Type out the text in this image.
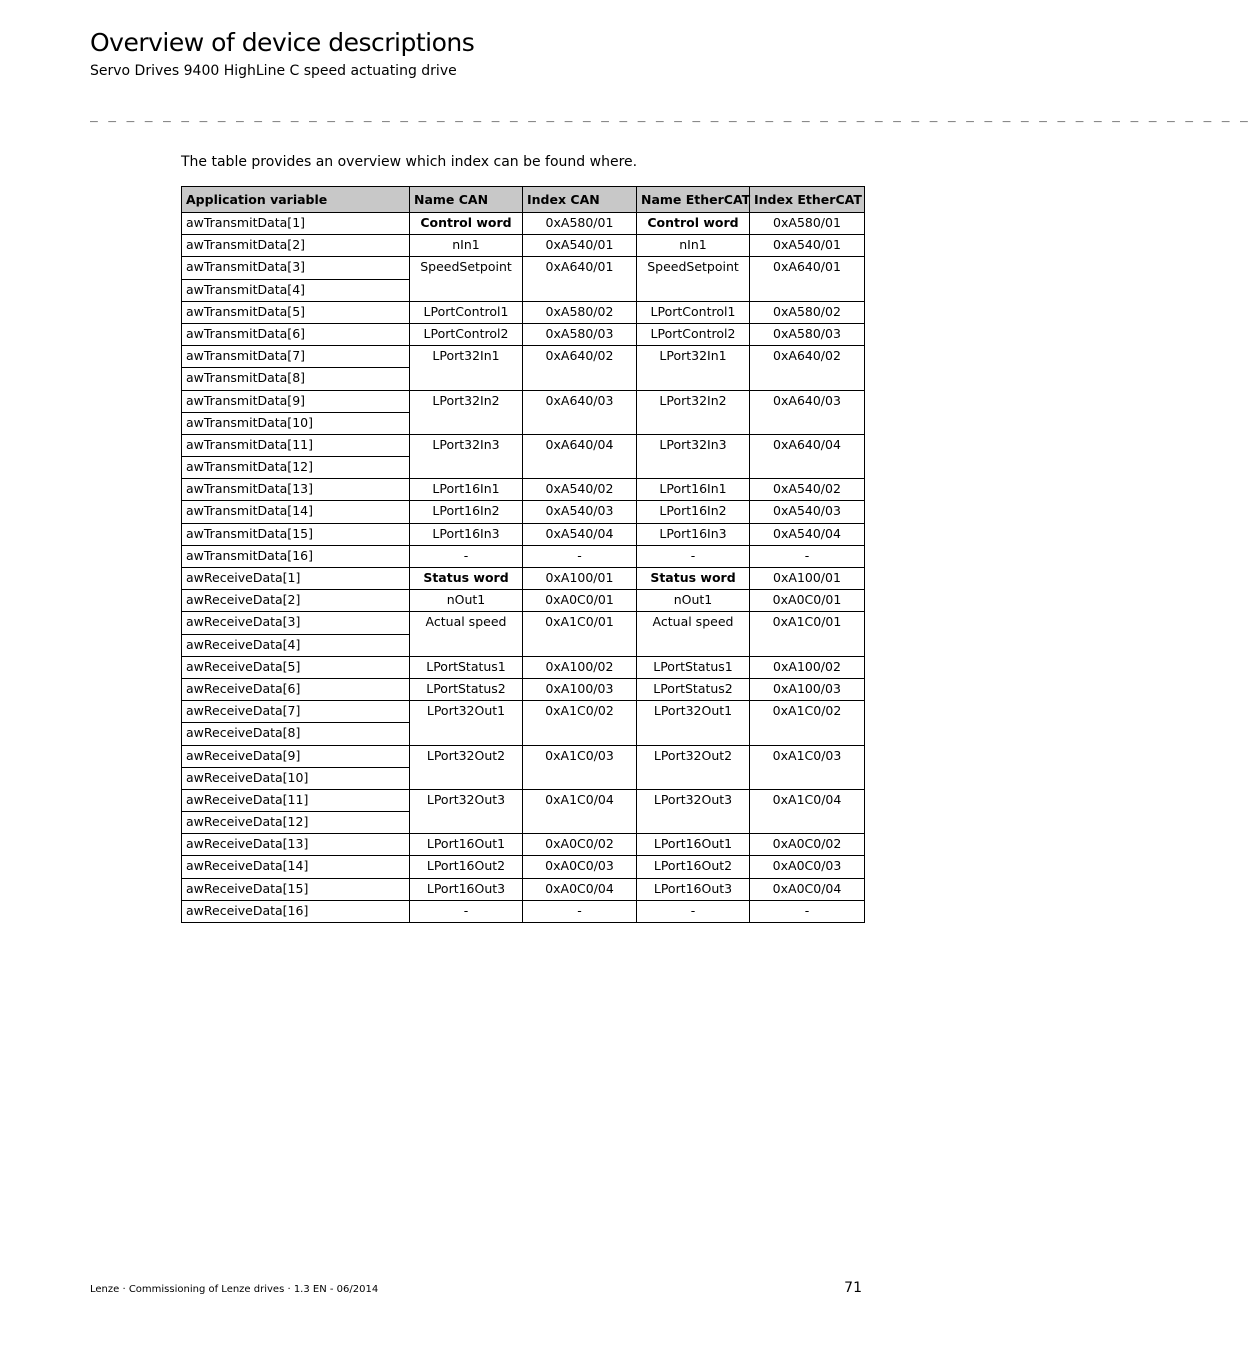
Overview of device descriptions
Servo Drives 9400 HighLine C speed actuating drive
_ _ _ _ _ _ _ _ _ _ _ _ _ _ _ _ _ _ _ _ _ _ _ _ _ _ _ _ _ _ _ _ _ _ _ _ _ _ _ _ _ _ _ _ _ _ _ _ _ _ _ _ _ _ _ _ _ _ _ _ _ _ _ _
The table provides an overview which index can be found where.
Application variable	Name CAN	Index CAN	Name EtherCAT	Index EtherCAT
awTransmitData[1]	Control word	0xA580/01	Control word	0xA580/01
awTransmitData[2]	nIn1	0xA540/01	nIn1	0xA540/01
awTransmitData[3]	SpeedSetpoint	0xA640/01	SpeedSetpoint	0xA640/01
awTransmitData[4]				
awTransmitData[5]	LPortControl1	0xA580/02	LPortControl1	0xA580/02
awTransmitData[6]	LPortControl2	0xA580/03	LPortControl2	0xA580/03
awTransmitData[7]	LPort32In1	0xA640/02	LPort32In1	0xA640/02
awTransmitData[8]				
awTransmitData[9]	LPort32In2	0xA640/03	LPort32In2	0xA640/03
awTransmitData[10]				
awTransmitData[11]	LPort32In3	0xA640/04	LPort32In3	0xA640/04
awTransmitData[12]				
awTransmitData[13]	LPort16In1	0xA540/02	LPort16In1	0xA540/02
awTransmitData[14]	LPort16In2	0xA540/03	LPort16In2	0xA540/03
awTransmitData[15]	LPort16In3	0xA540/04	LPort16In3	0xA540/04
awTransmitData[16]	-	-	-	-
awReceiveData[1]	Status word	0xA100/01	Status word	0xA100/01
awReceiveData[2]	nOut1	0xA0C0/01	nOut1	0xA0C0/01
awReceiveData[3]	Actual speed	0xA1C0/01	Actual speed	0xA1C0/01
awReceiveData[4]				
awReceiveData[5]	LPortStatus1	0xA100/02	LPortStatus1	0xA100/02
awReceiveData[6]	LPortStatus2	0xA100/03	LPortStatus2	0xA100/03
awReceiveData[7]	LPort32Out1	0xA1C0/02	LPort32Out1	0xA1C0/02
awReceiveData[8]				
awReceiveData[9]	LPort32Out2	0xA1C0/03	LPort32Out2	0xA1C0/03
awReceiveData[10]				
awReceiveData[11]	LPort32Out3	0xA1C0/04	LPort32Out3	0xA1C0/04
awReceiveData[12]				
awReceiveData[13]	LPort16Out1	0xA0C0/02	LPort16Out1	0xA0C0/02
awReceiveData[14]	LPort16Out2	0xA0C0/03	LPort16Out2	0xA0C0/03
awReceiveData[15]	LPort16Out3	0xA0C0/04	LPort16Out3	0xA0C0/04
awReceiveData[16]	-	-	-	-
Lenze · Commissioning of Lenze drives · 1.3 EN - 06/2014	71
